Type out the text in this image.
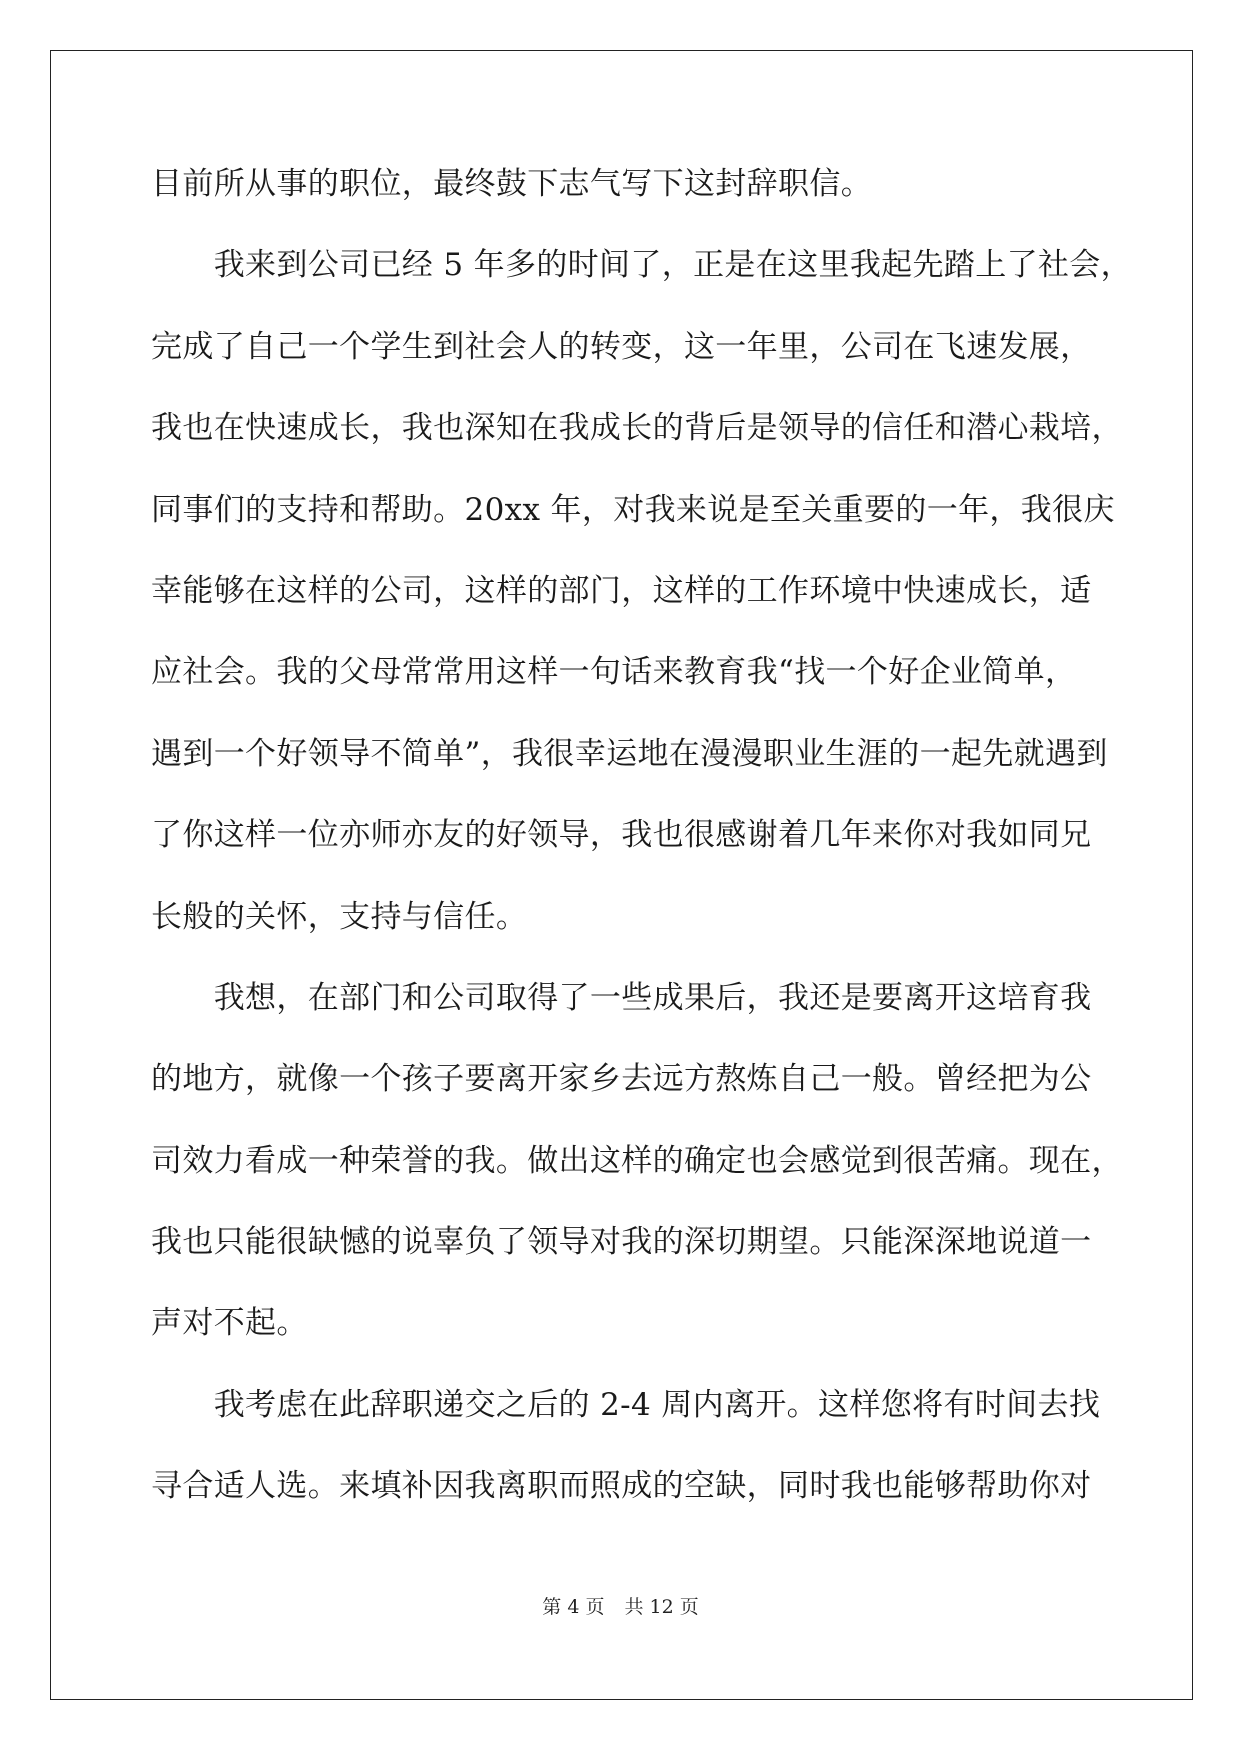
目前所从事的职位，最终鼓下志气写下这封辞职信。
　　我来到公司已经 5 年多的时间了，正是在这里我起先踏上了社会，
完成了自己一个学生到社会人的转变，这一年里，公司在飞速发展，
我也在快速成长，我也深知在我成长的背后是领导的信任和潜心栽培，
同事们的支持和帮助。20xx 年，对我来说是至关重要的一年，我很庆
幸能够在这样的公司，这样的部门，这样的工作环境中快速成长，适
应社会。我的父母常常用这样一句话来教育我“找一个好企业简单，
遇到一个好领导不简单”，我很幸运地在漫漫职业生涯的一起先就遇到
了你这样一位亦师亦友的好领导，我也很感谢着几年来你对我如同兄
长般的关怀，支持与信任。
　　我想，在部门和公司取得了一些成果后，我还是要离开这培育我
的地方，就像一个孩子要离开家乡去远方熬炼自己一般。曾经把为公
司效力看成一种荣誉的我。做出这样的确定也会感觉到很苦痛。现在，
我也只能很缺憾的说辜负了领导对我的深切期望。只能深深地说道一
声对不起。
　　我考虑在此辞职递交之后的 2-4 周内离开。这样您将有时间去找
寻合适人选。来填补因我离职而照成的空缺，同时我也能够帮助你对
第 4 页 共 12 页
